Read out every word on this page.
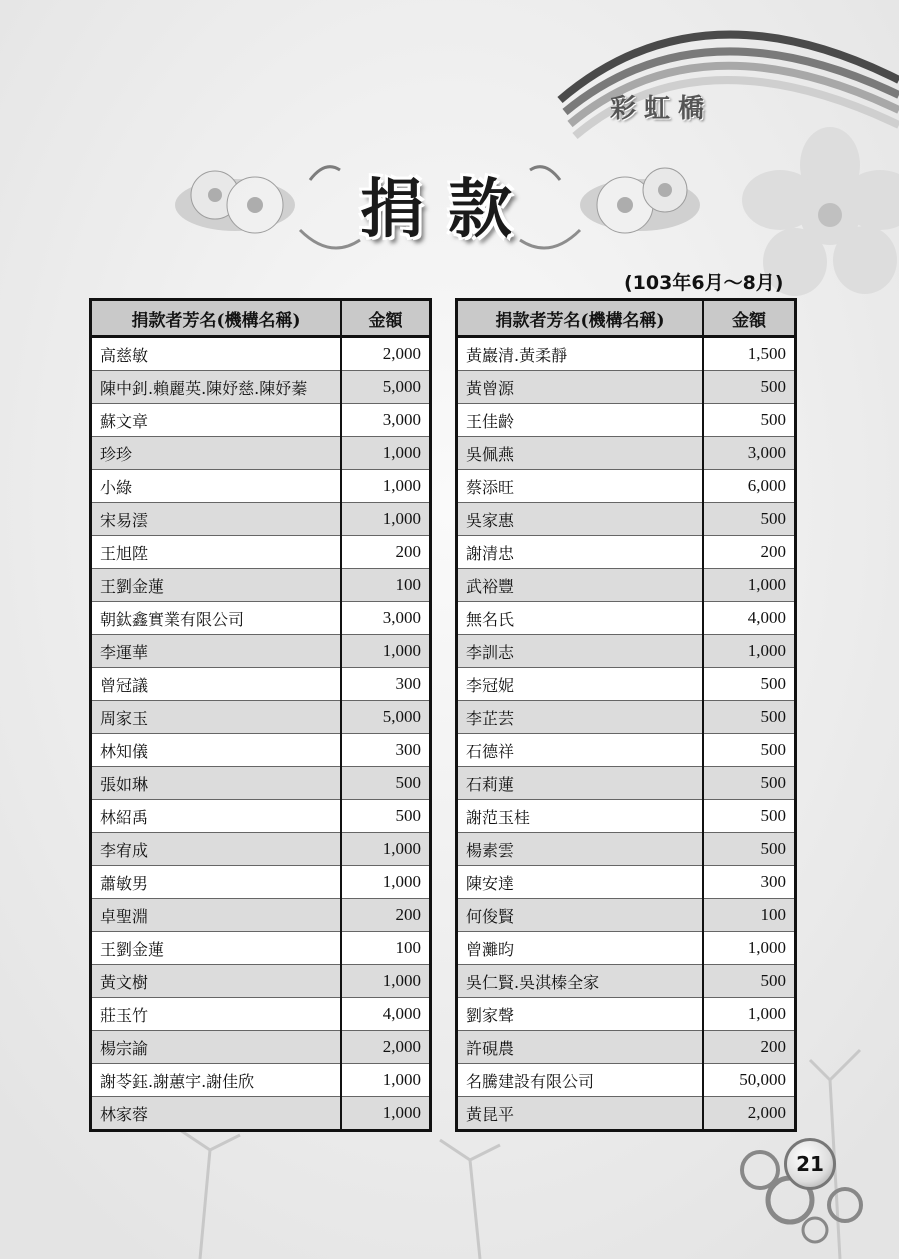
彩虹橋
捐款
(103年6月～8月)
捐款者芳名(機構名稱)	金額
高慈敏	2,000
陳中釗.賴麗英.陳妤慈.陳妤蓁	5,000
蘇文章	3,000
珍珍	1,000
小綠	1,000
宋易澐	1,000
王旭陞	200
王劉金蓮	100
朝鈦鑫實業有限公司	3,000
李運華	1,000
曾冠議	300
周家玉	5,000
林知儀	300
張如琳	500
林紹禹	500
李宥成	1,000
蕭敏男	1,000
卓聖淵	200
王劉金蓮	100
黃文樹	1,000
莊玉竹	4,000
楊宗諭	2,000
謝苓鈺.謝蕙宇.謝佳欣	1,000
林家蓉	1,000
捐款者芳名(機構名稱)	金額
黃巖清.黃柔靜	1,500
黃曾源	500
王佳齡	500
吳佩燕	3,000
蔡添旺	6,000
吳家惠	500
謝清忠	200
武裕豐	1,000
無名氏	4,000
李訓志	1,000
李冠妮	500
李芷芸	500
石德祥	500
石莉蓮	500
謝范玉桂	500
楊素雲	500
陳安達	300
何俊賢	100
曾灘昀	1,000
吳仁賢.吳淇榛全家	500
劉家聲	1,000
許硯農	200
名騰建設有限公司	50,000
黃昆平	2,000
21
